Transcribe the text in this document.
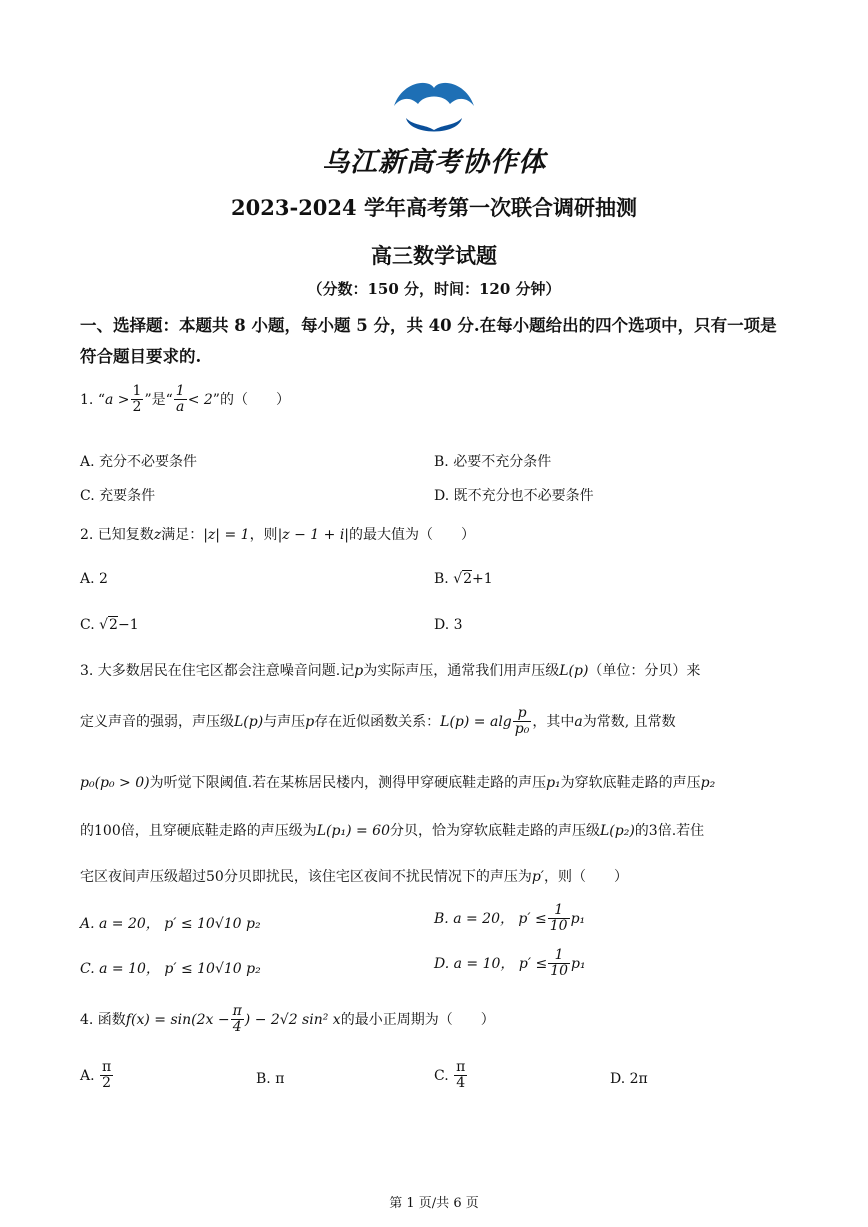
乌江新高考协作体
2023-2024 学年高考第一次联合调研抽测
高三数学试题
（分数：150 分，时间：120 分钟）
一、选择题：本题共 8 小题，每小题 5 分，共 40 分.在每小题给出的四个选项中，只有一项是符合题目要求的.
1. “$a > \frac{1}{2}$ ”是“ $\frac{1}{a} < 2$”的（　　）
A. 充分不必要条件	B. 必要不充分条件
C. 充要条件	D. 既不充分也不必要条件
2. 已知复数z满足：|z| = 1，则|z − 1 + i|的最大值为（　　）
A. 2	B. √2+1
C. √2−1	D. 3
3. 大多数居民在住宅区都会注意噪音问题.记p为实际声压，通常我们用声压级L(p)（单位：分贝）来
定义声音的强弱，声压级L(p)与声压p存在近似函数关系：L(p) = alg $\frac{p}{\text{p₀}}$ ，其中a为常数, 且常数
p₀(p₀ > 0)为听觉下限阈值.若在某栋居民楼内，测得甲穿硬底鞋走路的声压p₁为穿软底鞋走路的声压p₂
的100倍，且穿硬底鞋走路的声压级为L(p₁) = 60分贝，恰为穿软底鞋走路的声压级L(p₂)的3倍.若住
宅区夜间声压级超过50分贝即扰民，该住宅区夜间不扰民情况下的声压为p′，则（　　）
A. a = 20， p′ ≤ 10√10 p₂	B. a = 20， $p' \le \frac{1}{10} p_1$
C. a = 10， p′ ≤ 10√10 p₂	D. a = 10， $p' \le \frac{1}{10} p_1$
4. 函数$f(x) = \sin(2x - \frac{\pi}{4}$ ) − 2√2 sin² x的最小正周期为（　　）
A. $\frac{\pi}{2}$	B. π	C. $\frac{\pi}{4}$	D. 2π
第 1 页/共 6 页
